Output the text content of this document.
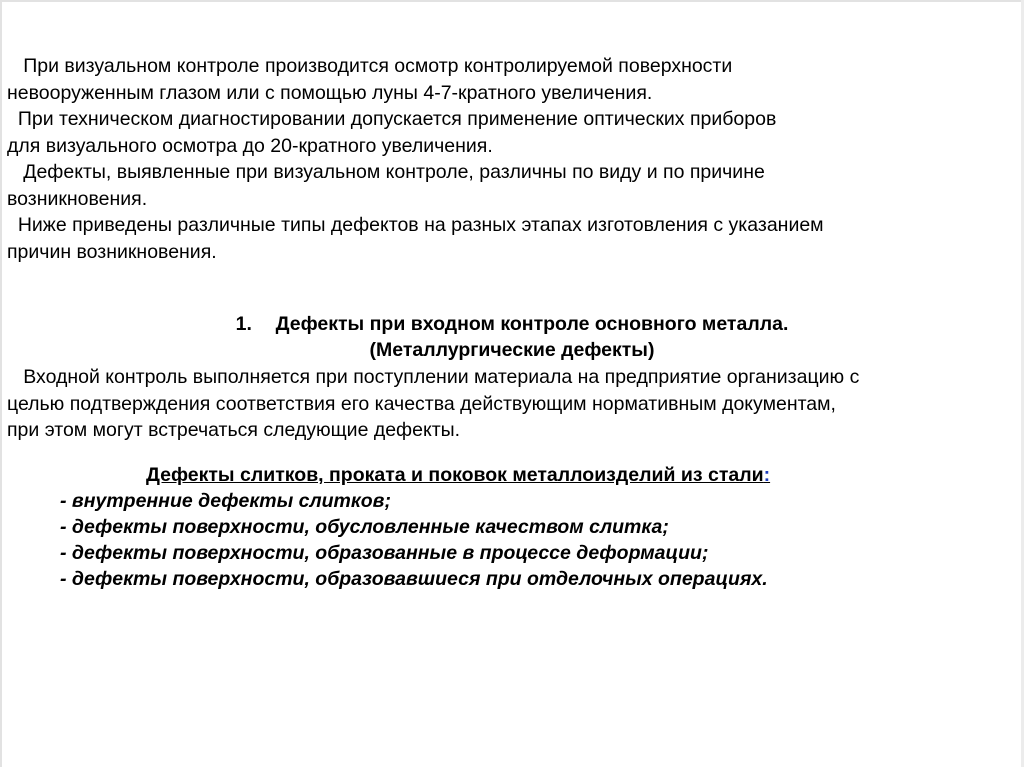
При визуальном контроле производится осмотр контролируемой поверхности
невооруженным глазом или с помощью луны 4-7-кратного увеличения.
При техническом диагностировании допускается применение оптических приборов
для визуального осмотра до 20-кратного увеличения.
Дефекты, выявленные при визуальном контроле, различны по виду и по причине
возникновения.
Ниже приведены различные типы дефектов на разных этапах изготовления с указанием
причин возникновения.
1. Дефекты при входном контроле основного металла.
(Металлургические дефекты)
Входной контроль выполняется при поступлении материала на предприятие организацию с
целью подтверждения соответствия его качества действующим нормативным документам,
при этом могут встречаться следующие дефекты.
Дефекты слитков, проката и поковок металлоизделий из стали:
- внутренние дефекты слитков;
- дефекты поверхности, обусловленные качеством слитка;
- дефекты поверхности, образованные в процессе деформации;
- дефекты поверхности, образовавшиеся при отделочных операциях.
